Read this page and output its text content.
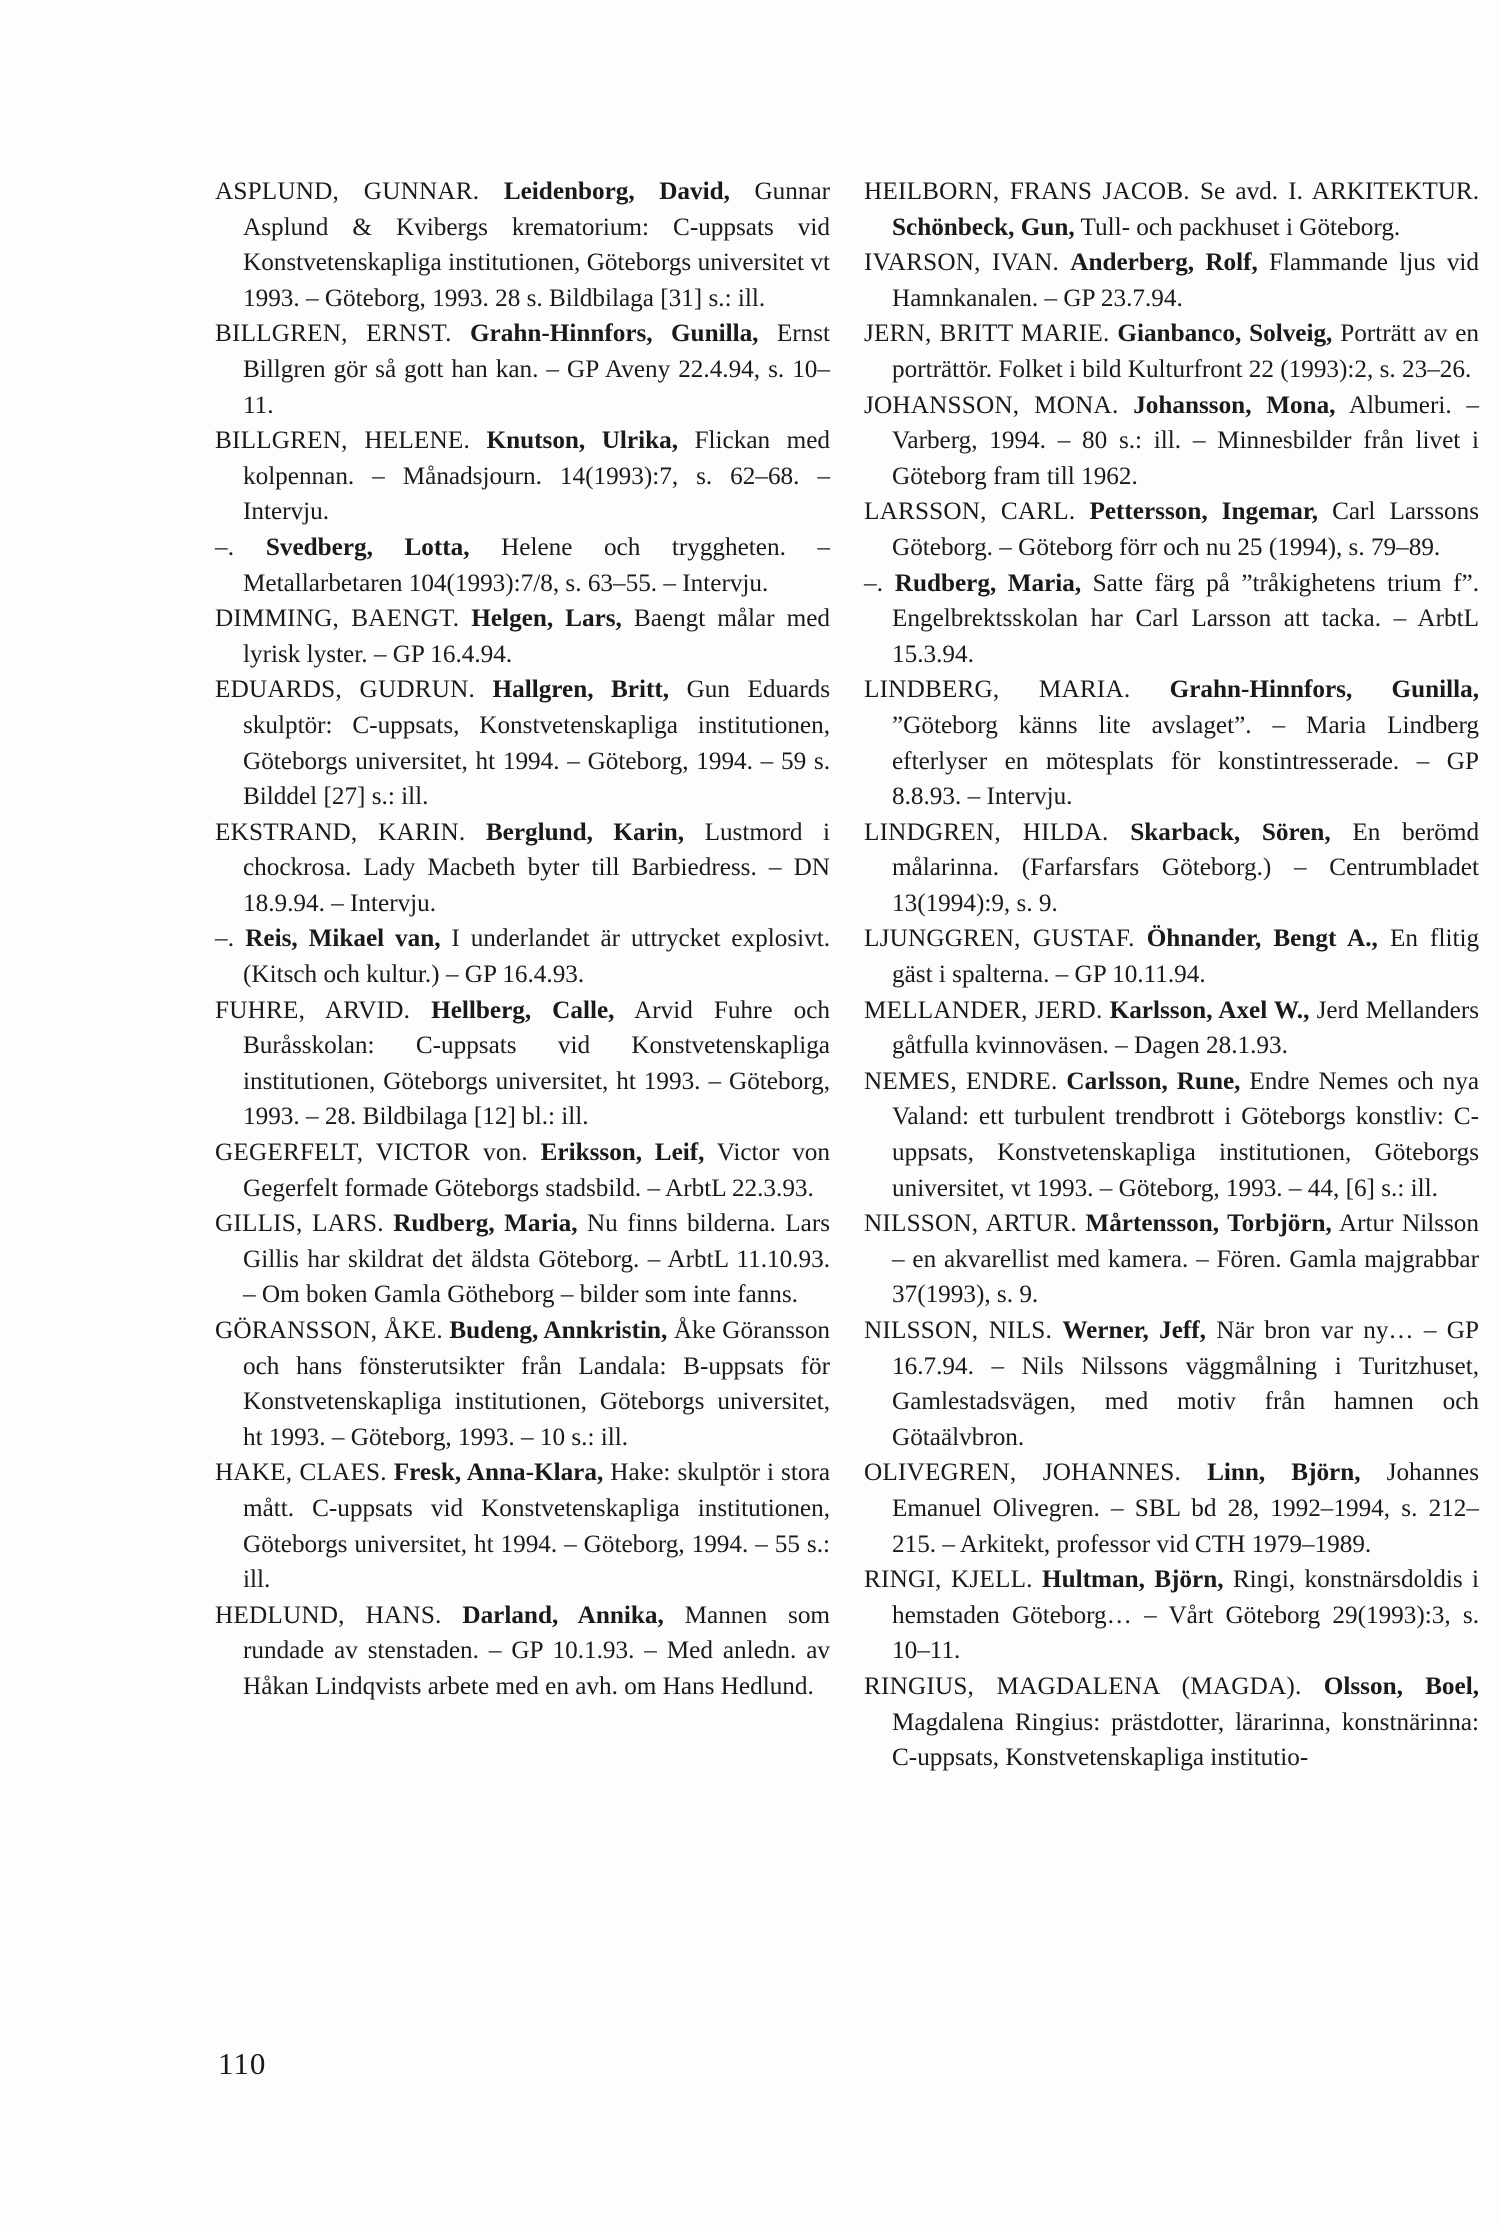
ASPLUND, GUNNAR. Leidenborg, David, Gunnar Asplund & Kvibergs krematorium: C-uppsats vid Konstvetenskapliga institutionen, Göteborgs universitet vt 1993. – Göteborg, 1993. 28 s. Bildbilaga [31] s.: ill.

BILLGREN, ERNST. Grahn-Hinnfors, Gunilla, Ernst Billgren gör så gott han kan. – GP Aveny 22.4.94, s. 10–11.

BILLGREN, HELENE. Knutson, Ulrika, Flickan med kolpennan. – Månadsjourn. 14(1993):7, s. 62–68. – Intervju.

–. Svedberg, Lotta, Helene och tryggheten. – Metallarbetaren 104(1993):7/8, s. 63–55. – Intervju.

DIMMING, BAENGT. Helgen, Lars, Baengt målar med lyrisk lyster. – GP 16.4.94.

EDUARDS, GUDRUN. Hallgren, Britt, Gun Eduards skulptör: C-uppsats, Konstvetenskapliga institutionen, Göteborgs universitet, ht 1994. – Göteborg, 1994. – 59 s. Bilddel [27] s.: ill.

EKSTRAND, KARIN. Berglund, Karin, Lustmord i chockrosa. Lady Macbeth byter till Barbiedress. – DN 18.9.94. – Intervju.

–. Reis, Mikael van, I underlandet är uttrycket explosivt. (Kitsch och kultur.) – GP 16.4.93.

FUHRE, ARVID. Hellberg, Calle, Arvid Fuhre och Buråsskolan: C-uppsats vid Konstvetenskapliga institutionen, Göteborgs universitet, ht 1993. – Göteborg, 1993. – 28. Bildbilaga [12] bl.: ill.

GEGERFELT, VICTOR von. Eriksson, Leif, Victor von Gegerfelt formade Göteborgs stadsbild. – ArbtL 22.3.93.

GILLIS, LARS. Rudberg, Maria, Nu finns bilderna. Lars Gillis har skildrat det äldsta Göteborg. – ArbtL 11.10.93. – Om boken Gamla Götheborg – bilder som inte fanns.

GÖRANSSON, ÅKE. Budeng, Annkristin, Åke Göransson och hans fönsterutsikter från Landala: B-uppsats för Konstvetenskapliga institutionen, Göteborgs universitet, ht 1993. – Göteborg, 1993. – 10 s.: ill.

HAKE, CLAES. Fresk, Anna-Klara, Hake: skulptör i stora mått. C-uppsats vid Konstvetenskapliga institutionen, Göteborgs universitet, ht 1994. – Göteborg, 1994. – 55 s.: ill.

HEDLUND, HANS. Darland, Annika, Mannen som rundade av stenstaden. – GP 10.1.93. – Med anledn. av Håkan Lindqvists arbete med en avh. om Hans Hedlund.

HEILBORN, FRANS JACOB. Se avd. I. ARKITEKTUR. Schönbeck, Gun, Tull- och packhuset i Göteborg.

IVARSON, IVAN. Anderberg, Rolf, Flammande ljus vid Hamnkanalen. – GP 23.7.94.

JERN, BRITT MARIE. Gianbanco, Solveig, Porträtt av en porträttör. Folket i bild Kulturfront 22 (1993):2, s. 23–26.

JOHANSSON, MONA. Johansson, Mona, Albumeri. – Varberg, 1994. – 80 s.: ill. – Minnesbilder från livet i Göteborg fram till 1962.

LARSSON, CARL. Pettersson, Ingemar, Carl Larssons Göteborg. – Göteborg förr och nu 25 (1994), s. 79–89.

–. Rudberg, Maria, Satte färg på ”tråkighetens trium f”. Engelbrektsskolan har Carl Larsson att tacka. – ArbtL 15.3.94.

LINDBERG, MARIA. Grahn-Hinnfors, Gunilla, ”Göteborg känns lite avslaget”. – Maria Lindberg efterlyser en mötesplats för konstintresserade. – GP 8.8.93. – Intervju.

LINDGREN, HILDA. Skarback, Sören, En berömd målarinna. (Farfarsfars Göteborg.) – Centrumbladet 13(1994):9, s. 9.

LJUNGGREN, GUSTAF. Öhnander, Bengt A., En flitig gäst i spalterna. – GP 10.11.94.

MELLANDER, JERD. Karlsson, Axel W., Jerd Mellanders gåtfulla kvinnoväsen. – Dagen 28.1.93.

NEMES, ENDRE. Carlsson, Rune, Endre Nemes och nya Valand: ett turbulent trendbrott i Göteborgs konstliv: C-uppsats, Konstvetenskapliga institutionen, Göteborgs universitet, vt 1993. – Göteborg, 1993. – 44, [6] s.: ill.

NILSSON, ARTUR. Mårtensson, Torbjörn, Artur Nilsson – en akvarellist med kamera. – Fören. Gamla majgrabbar 37(1993), s. 9.

NILSSON, NILS. Werner, Jeff, När bron var ny… – GP 16.7.94. – Nils Nilssons väggmålning i Turitzhuset, Gamlestadsvägen, med motiv från hamnen och Götaälvbron.

OLIVEGREN, JOHANNES. Linn, Björn, Johannes Emanuel Olivegren. – SBL bd 28, 1992–1994, s. 212–215. – Arkitekt, professor vid CTH 1979–1989.

RINGI, KJELL. Hultman, Björn, Ringi, konstnärsdoldis i hemstaden Göteborg… – Vårt Göteborg 29(1993):3, s. 10–11.

RINGIUS, MAGDALENA (MAGDA). Olsson, Boel, Magdalena Ringius: prästdotter, lärarinna, konstnärinna: C-uppsats, Konstvetenskapliga institutio-

110
